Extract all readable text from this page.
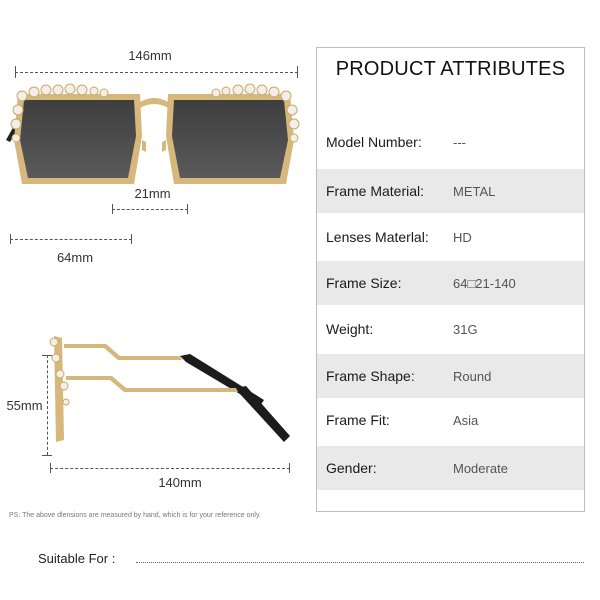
146mm
21mm
64mm
55mm
140mm
PRODUCT ATTRIBUTES
Model Number: ---
Frame Material: METAL
Lenses Materlal: HD
Frame Size:	64□21-140
Weight:	31G
Frame Shape:	Round
Frame Fit:	Asia
Gender:	Moderate
PS: The above dlensions are measured by hand, which is for your reference only.
Suitable For :
